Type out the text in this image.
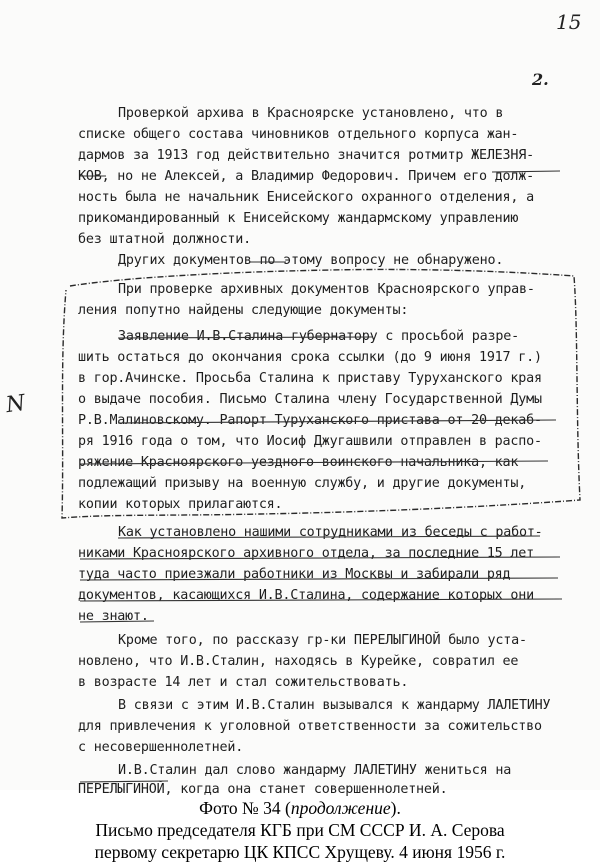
15
2.
N
Проверкой архива в Красноярске установлено, что в
списке общего состава чиновников отдельного корпуса жан-
дармов за 1913 год действительно значится ротмитр ЖЕЛЕЗНЯ-
КОВ, но не Алексей, а Владимир Федорович. Причем его долж-
ность была не начальник Енисейского охранного отделения, а
прикомандированный к Енисейскому жандармскому управлению
без штатной должности.
Других документов по этому вопросу не обнаружено.
При проверке архивных документов Красноярского управ-
ления попутно найдены следующие документы:
Заявление И.В.Сталина губернатору с просьбой разре-
шить остаться до окончания срока ссылки (до 9 июня 1917 г.)
в гор.Ачинске. Просьба Сталина к приставу Туруханского края
о выдаче пособия. Письмо Сталина члену Государственной Думы
Р.В.Малиновскому. Рапорт Туруханского пристава от 20 декаб-
ря 1916 года о том, что Иосиф Джугашвили отправлен в распо-
ряжение Красноярского уездного воинского начальника, как
подлежащий призыву на военную службу, и другие документы,
копии которых прилагаются.
Как установлено нашими сотрудниками из беседы с работ-
никами Красноярского архивного отдела, за последние 15 лет
туда часто приезжали работники из Москвы и забирали ряд
документов, касающихся И.В.Сталина, содержание которых они
не знают.
Кроме того, по рассказу гр-ки ПЕРЕЛЫГИНОЙ было уста-
новлено, что И.В.Сталин, находясь в Курейке, совратил ее
в возрасте 14 лет и стал сожительствовать.
В связи с этим И.В.Сталин вызывался к жандарму ЛАЛЕТИНУ
для привлечения к уголовной ответственности за сожительство
с несовершеннолетней.
И.В.Сталин дал слово жандарму ЛАЛЕТИНУ жениться на
ПЕРЕЛЫГИНОЙ, когда она станет совершеннолетней.
Фото № 34 (продолжение).
Письмо председателя КГБ при СМ СССР И. А. Серова
первому секретарю ЦК КПСС Хрущеву. 4 июня 1956 г.
